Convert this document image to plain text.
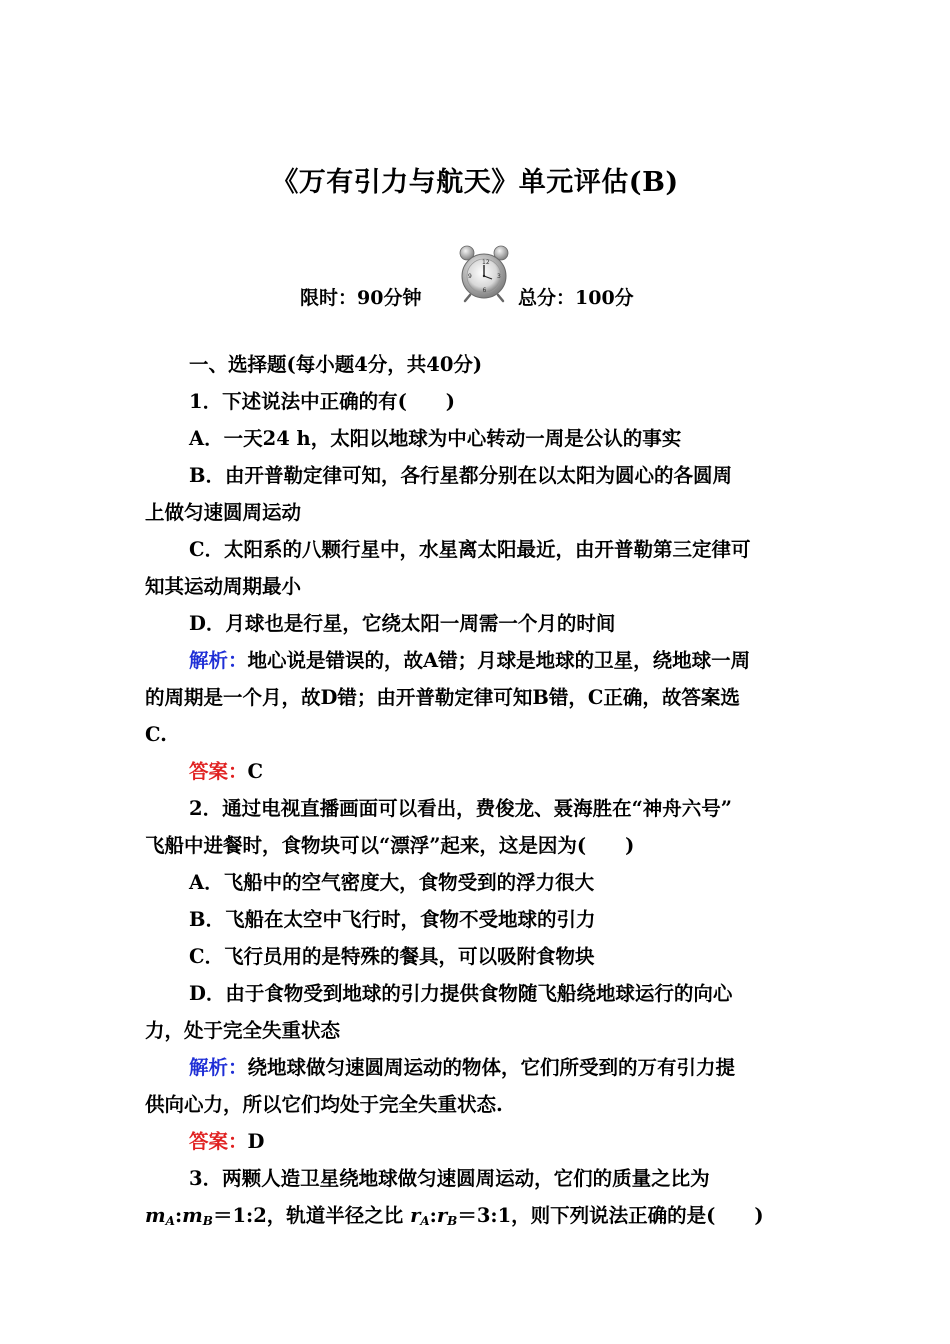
《万有引力与航天》单元评估(B)
限时：90分钟
12
3
6
9
总分：100分
一、选择题(每小题4分，共40分)
1．下述说法中正确的有(　　)
A．一天24 h，太阳以地球为中心转动一周是公认的事实
B．由开普勒定律可知，各行星都分别在以太阳为圆心的各圆周
上做匀速圆周运动
C．太阳系的八颗行星中，水星离太阳最近，由开普勒第三定律可
知其运动周期最小
D．月球也是行星，它绕太阳一周需一个月的时间
解析：地心说是错误的，故A错；月球是地球的卫星，绕地球一周
的周期是一个月，故D错；由开普勒定律可知B错，C正确，故答案选
C.
答案：C
2．通过电视直播画面可以看出，费俊龙、聂海胜在“神舟六号”
飞船中进餐时，食物块可以“漂浮”起来，这是因为(　　)
A．飞船中的空气密度大，食物受到的浮力很大
B．飞船在太空中飞行时，食物不受地球的引力
C．飞行员用的是特殊的餐具，可以吸附食物块
D．由于食物受到地球的引力提供食物随飞船绕地球运行的向心
力，处于完全失重状态
解析：绕地球做匀速圆周运动的物体，它们所受到的万有引力提
供向心力，所以它们均处于完全失重状态.
答案：D
3．两颗人造卫星绕地球做匀速圆周运动，它们的质量之比为
$m_A:m_B=1:2$，轨道半径之比 $r_A:r_B=3:1$，则下列说法正确的是(　　)
